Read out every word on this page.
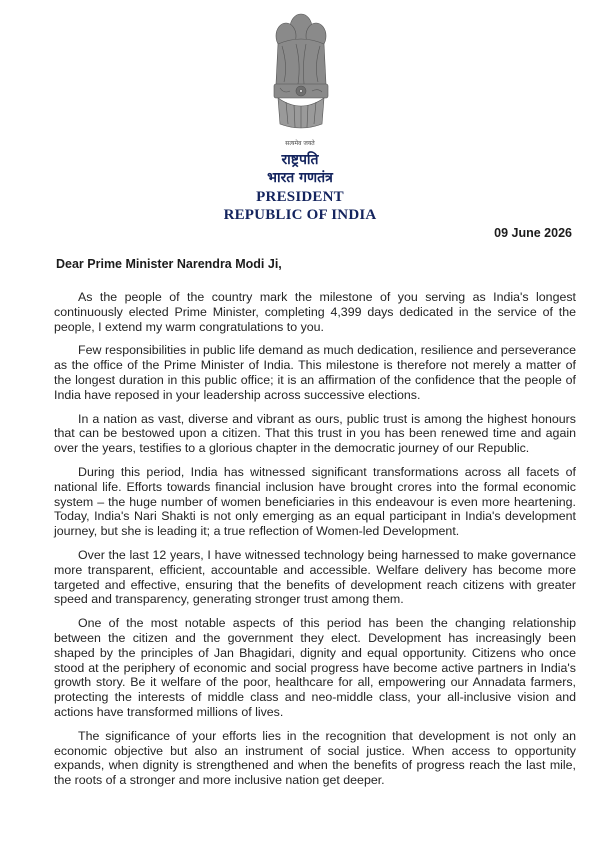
सत्यमेव जयते
राष्ट्रपति
भारत गणतंत्र
PRESIDENT
REPUBLIC OF INDIA
09 June 2026
Dear Prime Minister Narendra Modi Ji,

As the people of the country mark the milestone of you serving as India's longest continuously elected Prime Minister, completing 4,399 days dedicated in the service of the people, I extend my warm congratulations to you.

Few responsibilities in public life demand as much dedication, resilience and perseverance as the office of the Prime Minister of India. This milestone is therefore not merely a matter of the longest duration in this public office; it is an affirmation of the confidence that the people of India have reposed in your leadership across successive elections.

In a nation as vast, diverse and vibrant as ours, public trust is among the highest honours that can be bestowed upon a citizen. That this trust in you has been renewed time and again over the years, testifies to a glorious chapter in the democratic journey of our Republic.

During this period, India has witnessed significant transformations across all facets of national life. Efforts towards financial inclusion have brought crores into the formal economic system – the huge number of women beneficiaries in this endeavour is even more heartening. Today, India's Nari Shakti is not only emerging as an equal participant in India's development journey, but she is leading it; a true reflection of Women-led Development.

Over the last 12 years, I have witnessed technology being harnessed to make governance more transparent, efficient, accountable and accessible. Welfare delivery has become more targeted and effective, ensuring that the benefits of development reach citizens with greater speed and transparency, generating stronger trust among them.

One of the most notable aspects of this period has been the changing relationship between the citizen and the government they elect. Development has increasingly been shaped by the principles of Jan Bhagidari, dignity and equal opportunity. Citizens who once stood at the periphery of economic and social progress have become active partners in India's growth story. Be it welfare of the poor, healthcare for all, empowering our Annadata farmers, protecting the interests of middle class and neo-middle class, your all-inclusive vision and actions have transformed millions of lives.

The significance of your efforts lies in the recognition that development is not only an economic objective but also an instrument of social justice. When access to opportunity expands, when dignity is strengthened and when the benefits of progress reach the last mile, the roots of a stronger and more inclusive nation get deeper.
